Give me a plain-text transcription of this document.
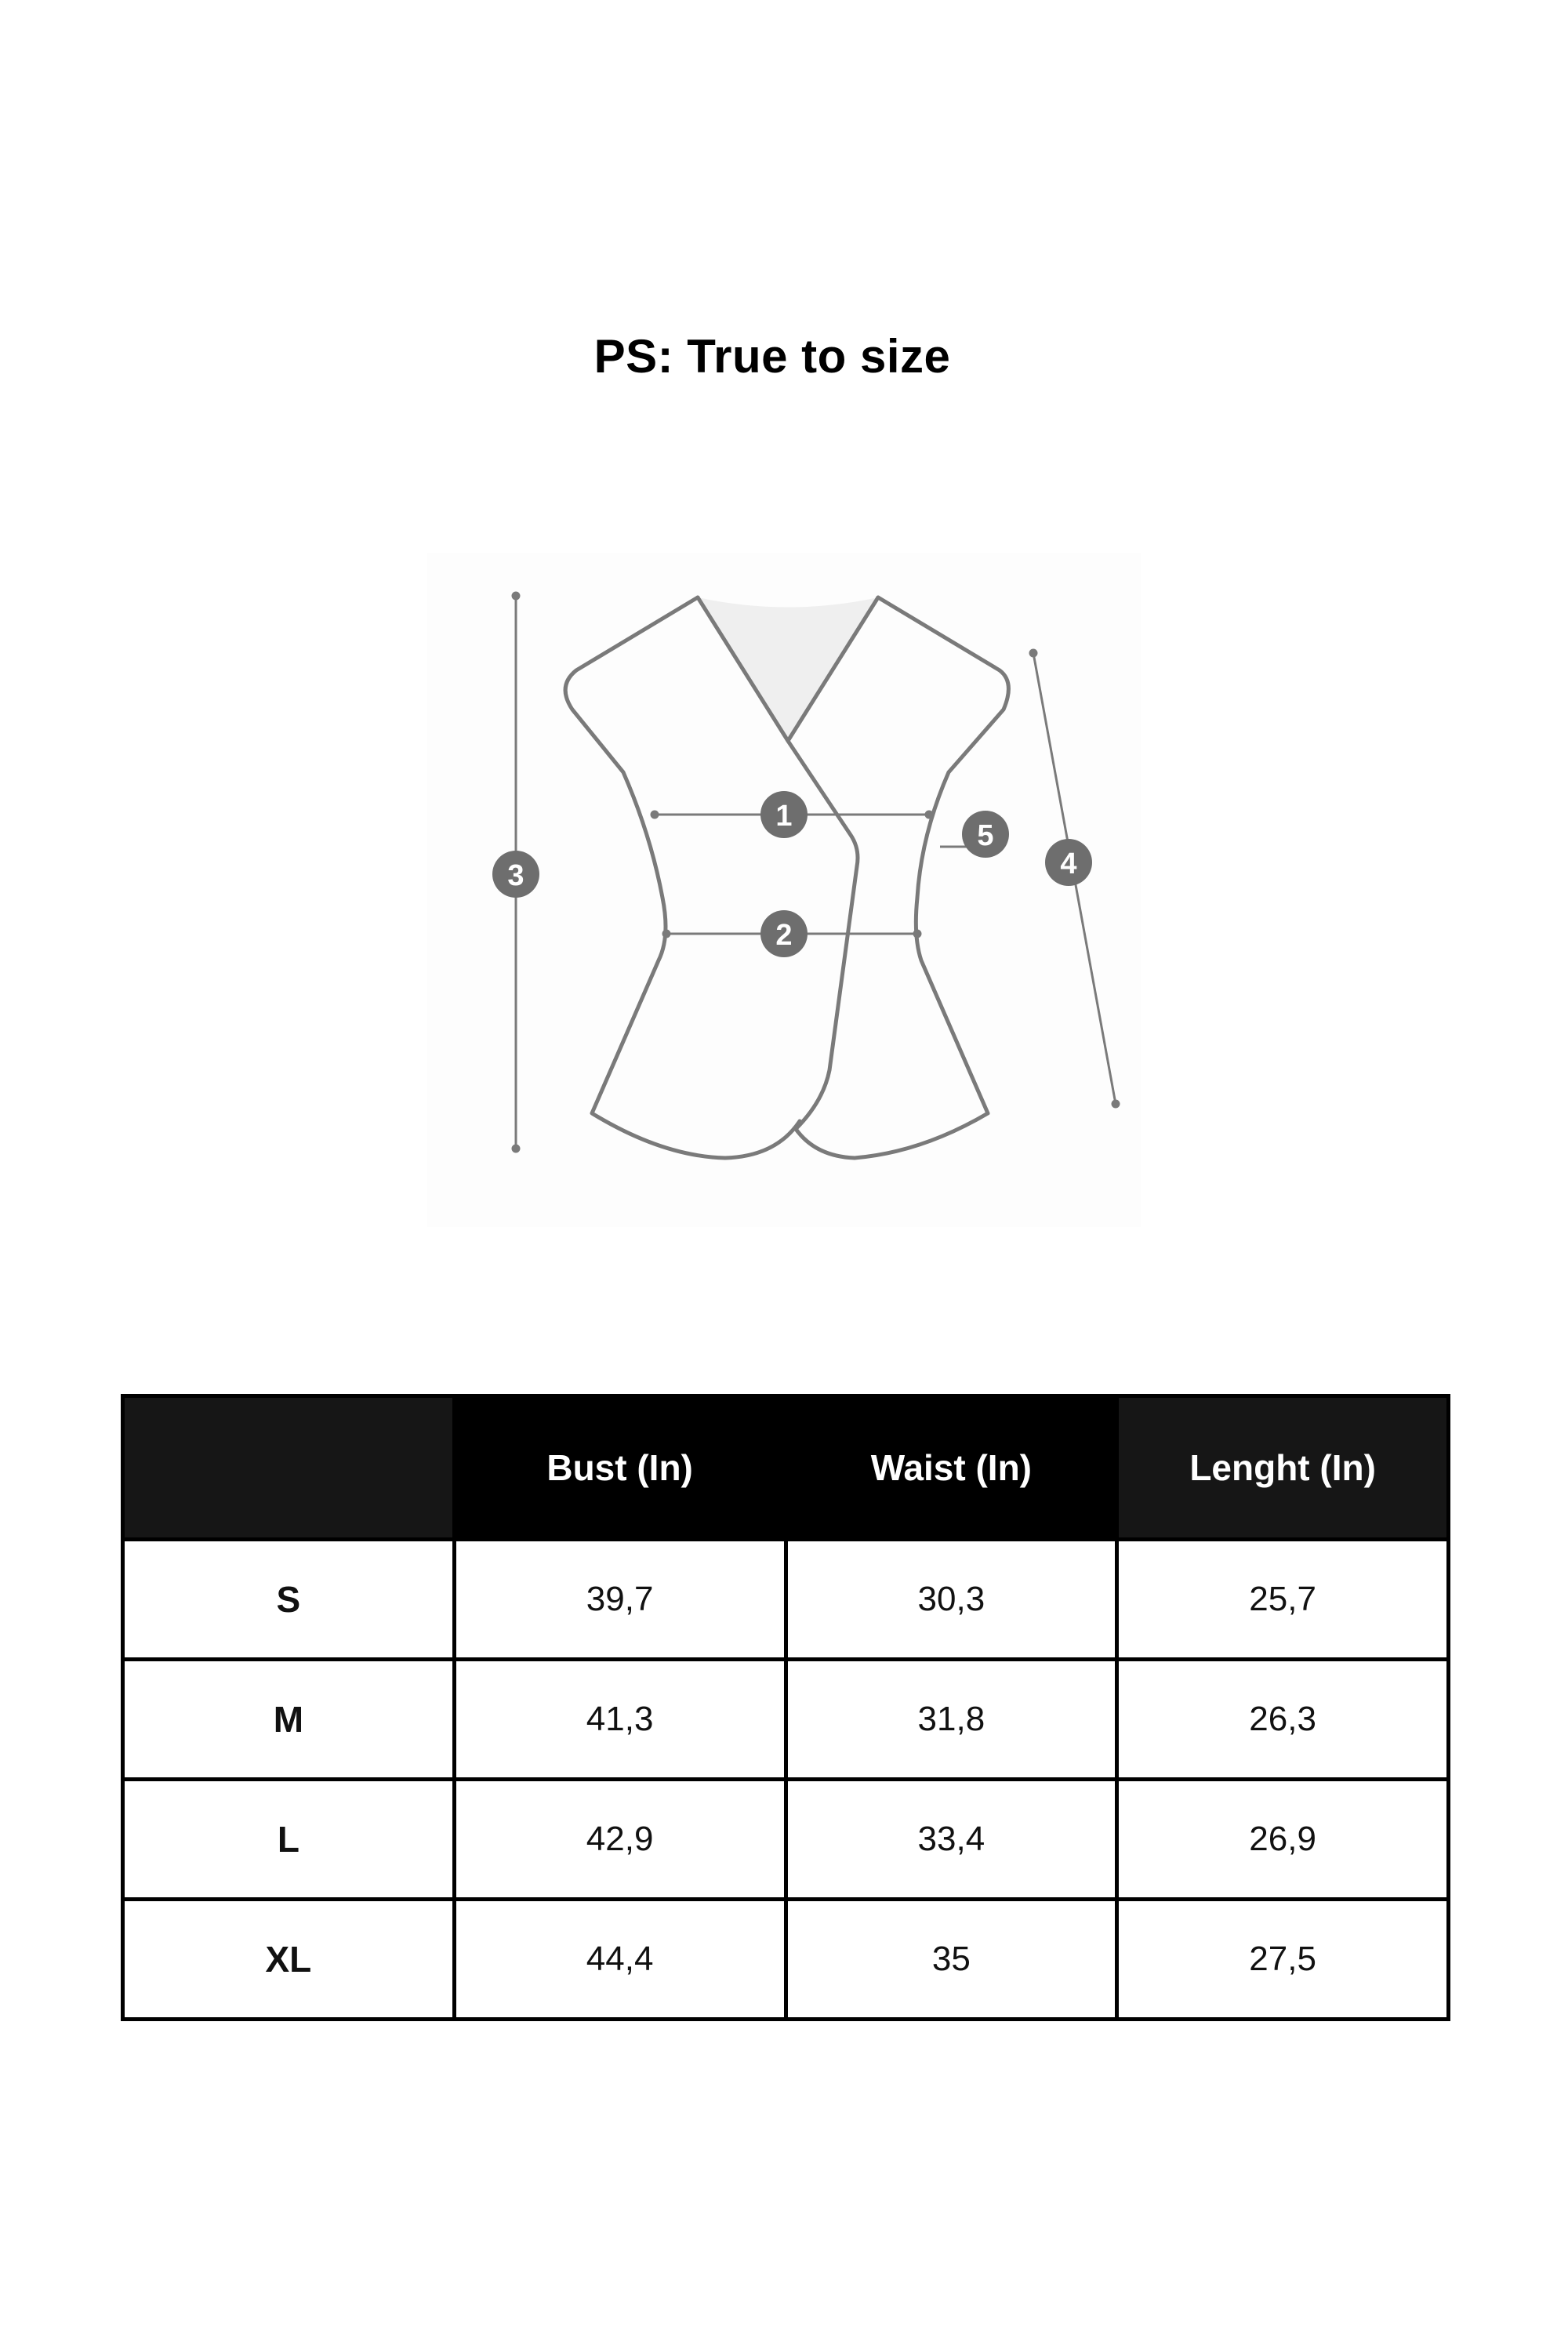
PS: True to size
1
2
3	4
5
	Bust (In)	Waist (In)	Lenght (In)
S	39,7	30,3	25,7
M	41,3	31,8	26,3
L	42,9	33,4	26,9
XL	44,4	35	27,5
